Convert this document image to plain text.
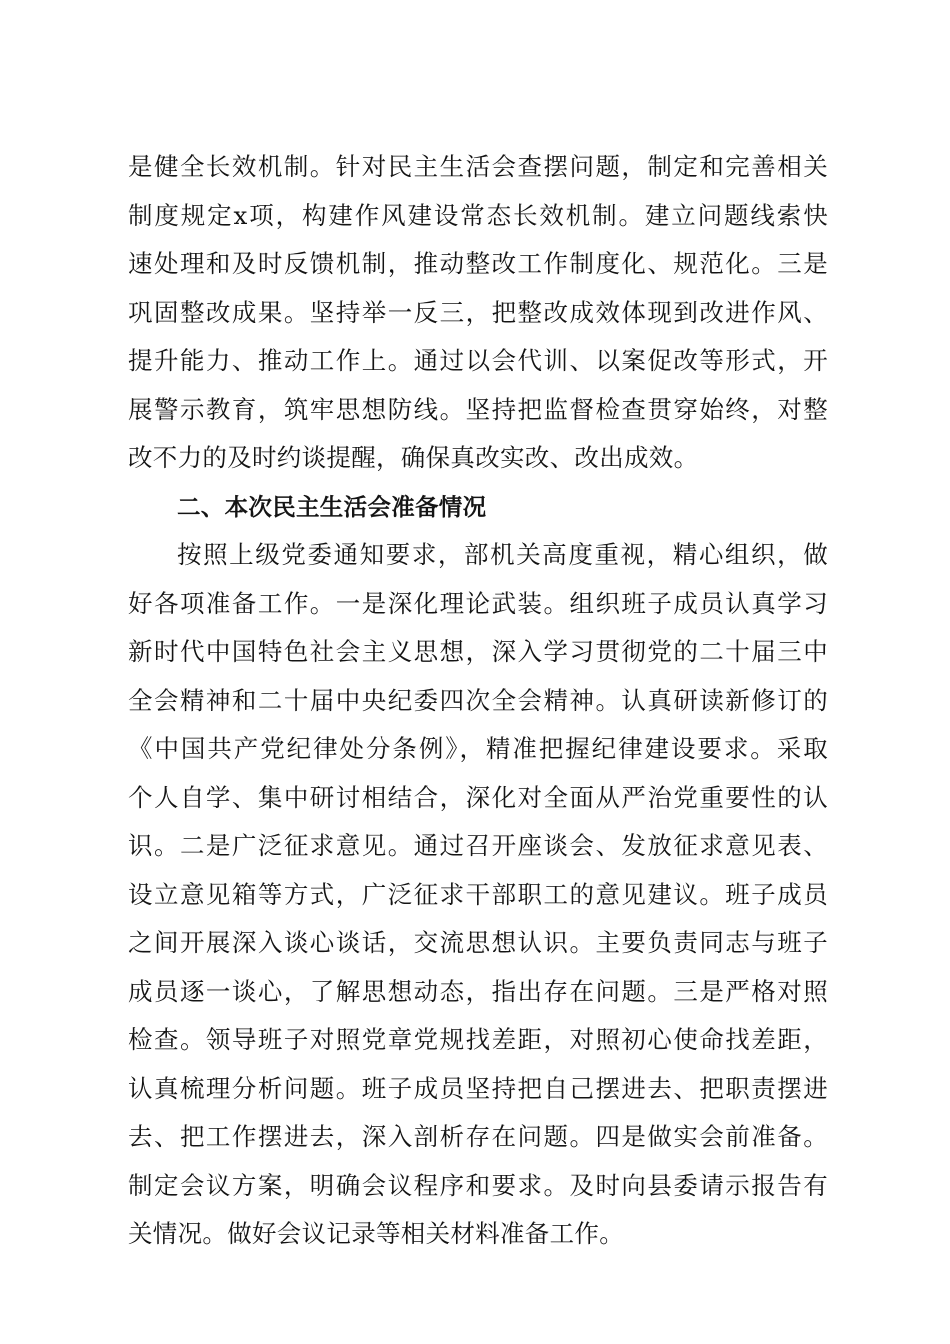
是健全长效机制。针对民主生活会查摆问题，制定和完善相关
制度规定x项，构建作风建设常态长效机制。建立问题线索快
速处理和及时反馈机制，推动整改工作制度化、规范化。三是
巩固整改成果。坚持举一反三，把整改成效体现到改进作风、
提升能力、推动工作上。通过以会代训、以案促改等形式，开
展警示教育，筑牢思想防线。坚持把监督检查贯穿始终，对整
改不力的及时约谈提醒，确保真改实改、改出成效。
二、本次民主生活会准备情况
按照上级党委通知要求，部机关高度重视，精心组织，做
好各项准备工作。一是深化理论武装。组织班子成员认真学习
新时代中国特色社会主义思想，深入学习贯彻党的二十届三中
全会精神和二十届中央纪委四次全会精神。认真研读新修订的
《中国共产党纪律处分条例》，精准把握纪律建设要求。采取
个人自学、集中研讨相结合，深化对全面从严治党重要性的认
识。二是广泛征求意见。通过召开座谈会、发放征求意见表、
设立意见箱等方式，广泛征求干部职工的意见建议。班子成员
之间开展深入谈心谈话，交流思想认识。主要负责同志与班子
成员逐一谈心，了解思想动态，指出存在问题。三是严格对照
检查。领导班子对照党章党规找差距，对照初心使命找差距，
认真梳理分析问题。班子成员坚持把自己摆进去、把职责摆进
去、把工作摆进去，深入剖析存在问题。四是做实会前准备。
制定会议方案，明确会议程序和要求。及时向县委请示报告有
关情况。做好会议记录等相关材料准备工作。
